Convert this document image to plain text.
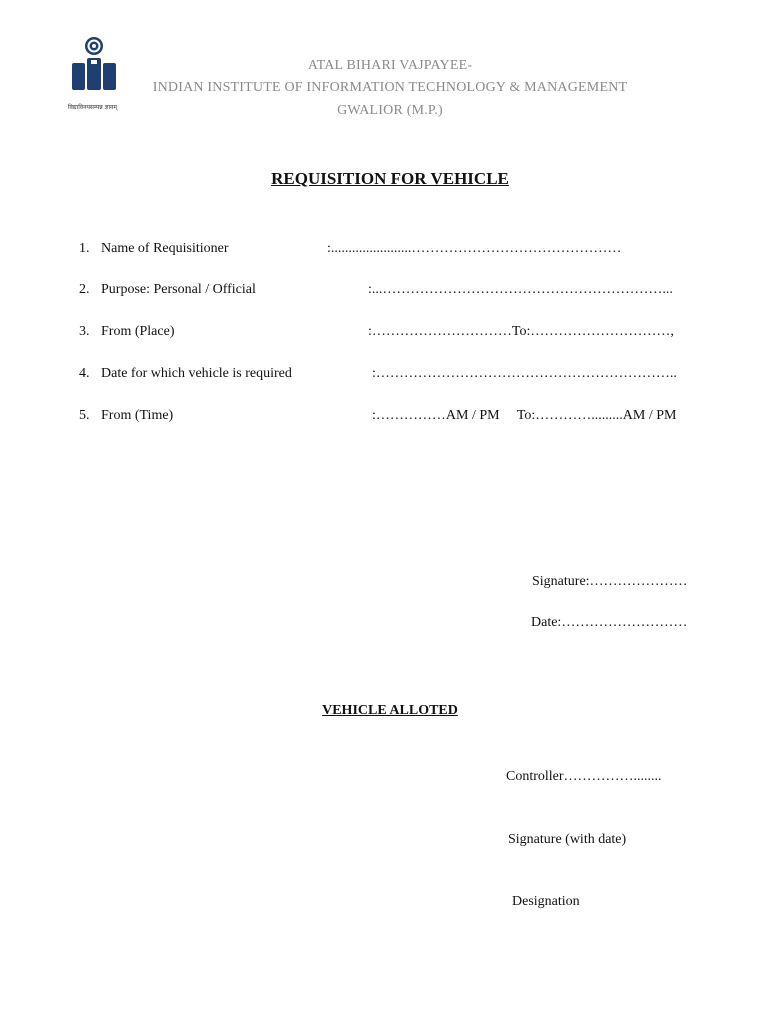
विद्याविनयसम्पन्न ज्ञानम्
ATAL BIHARI VAJPAYEE-
INDIAN INSTITUTE OF INFORMATION TECHNOLOGY & MANAGEMENT
GWALIOR (M.P.)
REQUISITION FOR VEHICLE
1. Name of Requisitioner	:.......................………………………………………
2. Purpose: Personal / Official	:...……………………………………………………...
3. From (Place)	:…………………………To:…………………………,
4. Date for which vehicle is required	:………………………………………………………..
5. From (Time)	:……………AM / PM     To:………….........AM / PM
Signature:…………………
Date:………………………
VEHICLE ALLOTED
Controller……………........
Signature (with date)
Designation
